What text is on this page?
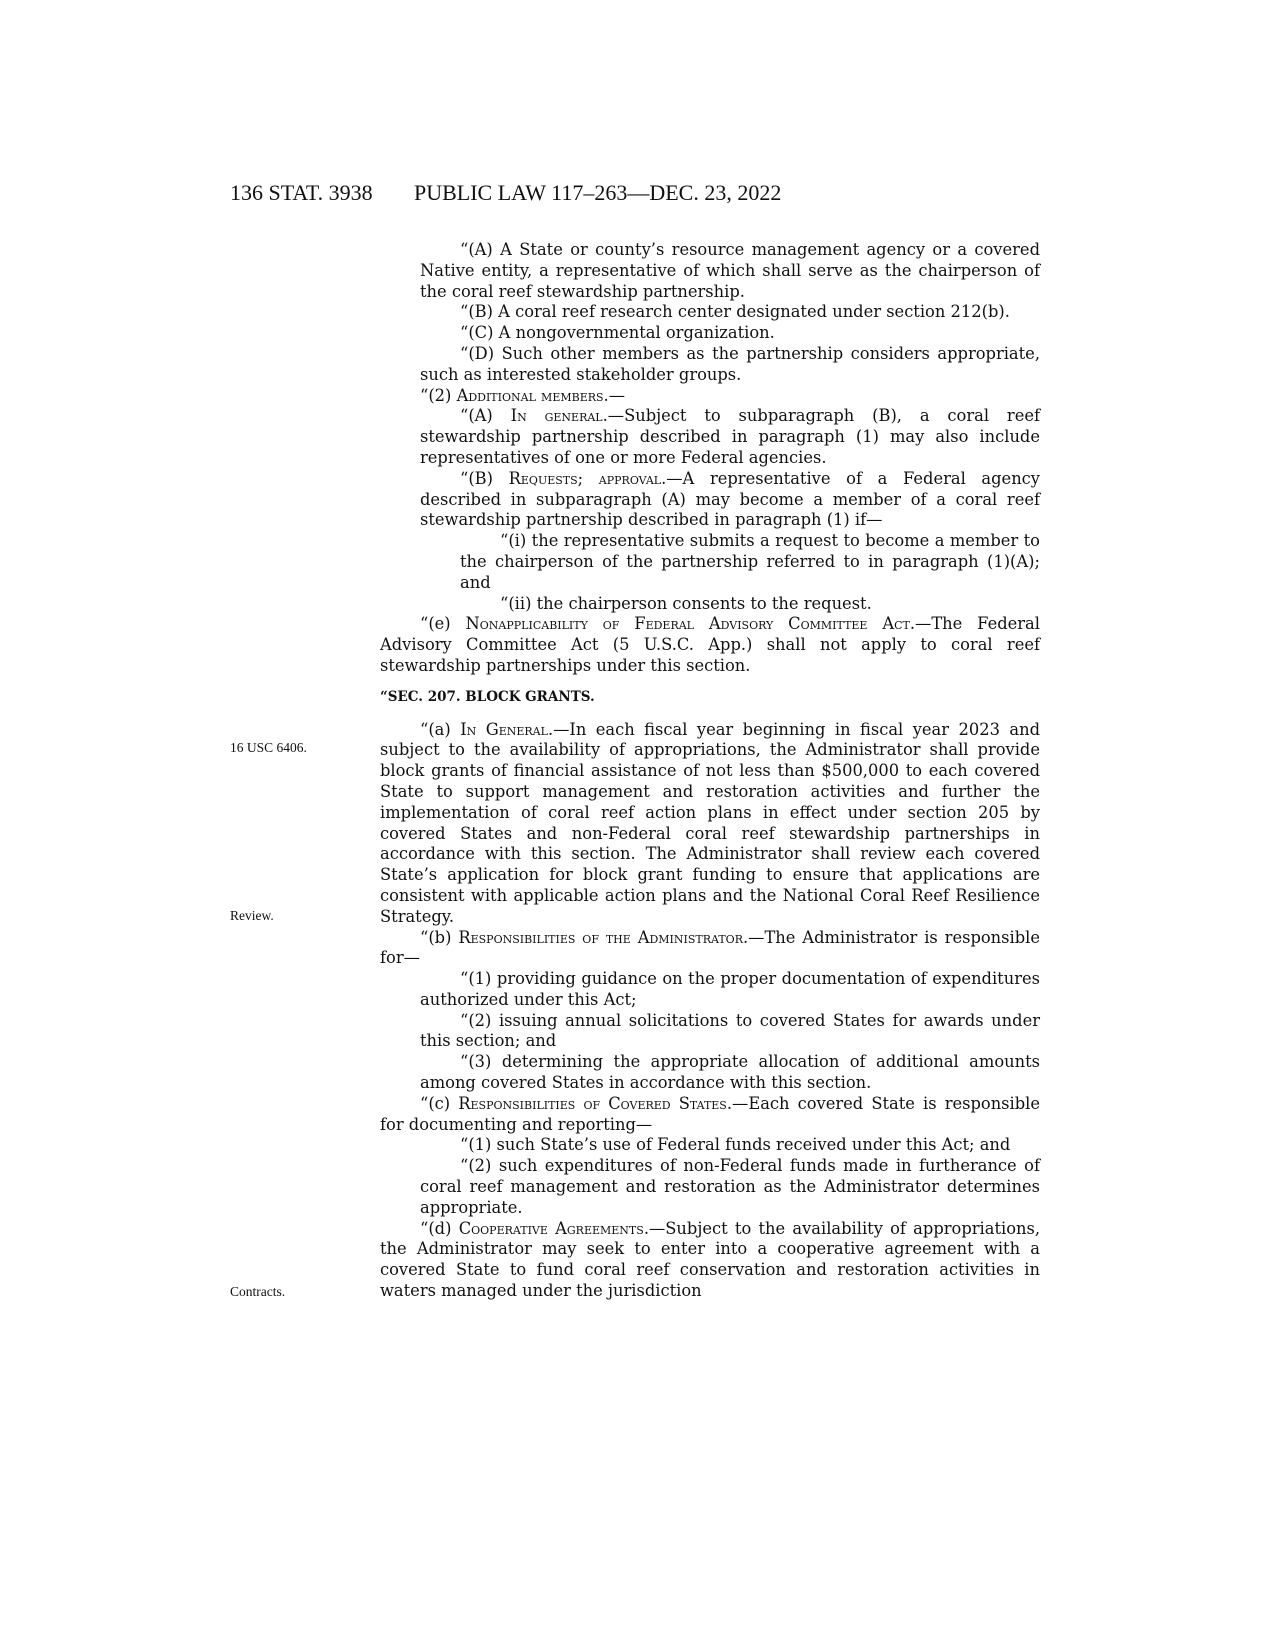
136 STAT. 3938 PUBLIC LAW 117–263—DEC. 23, 2022
16 USC 6406.
Review.
Contracts.

“(A) A State or county’s resource management agency or a covered Native entity, a representative of which shall serve as the chairperson of the coral reef stewardship partnership.

“(B) A coral reef research center designated under section 212(b).

“(C) A nongovernmental organization.

“(D) Such other members as the partnership considers appropriate, such as interested stakeholder groups.

“(2) Additional members.—

“(A) In general.—Subject to subparagraph (B), a coral reef stewardship partnership described in paragraph (1) may also include representatives of one or more Federal agencies.

“(B) Requests; approval.—A representative of a Federal agency described in subparagraph (A) may become a member of a coral reef stewardship partnership described in paragraph (1) if—

“(i) the representative submits a request to become a member to the chairperson of the partnership referred to in paragraph (1)(A); and

“(ii) the chairperson consents to the request.

“(e) Nonapplicability of Federal Advisory Committee Act.—The Federal Advisory Committee Act (5 U.S.C. App.) shall not apply to coral reef stewardship partnerships under this section.

“SEC. 207. BLOCK GRANTS.

“(a) In General.—In each fiscal year beginning in fiscal year 2023 and subject to the availability of appropriations, the Administrator shall provide block grants of financial assistance of not less than $500,000 to each covered State to support management and restoration activities and further the implementation of coral reef action plans in effect under section 205 by covered States and non-Federal coral reef stewardship partnerships in accordance with this section. The Administrator shall review each covered State’s application for block grant funding to ensure that applications are consistent with applicable action plans and the National Coral Reef Resilience Strategy.

“(b) Responsibilities of the Administrator.—The Administrator is responsible for—

“(1) providing guidance on the proper documentation of expenditures authorized under this Act;

“(2) issuing annual solicitations to covered States for awards under this section; and

“(3) determining the appropriate allocation of additional amounts among covered States in accordance with this section.

“(c) Responsibilities of Covered States.—Each covered State is responsible for documenting and reporting—

“(1) such State’s use of Federal funds received under this Act; and

“(2) such expenditures of non-Federal funds made in furtherance of coral reef management and restoration as the Administrator determines appropriate.

“(d) Cooperative Agreements.—Subject to the availability of appropriations, the Administrator may seek to enter into a cooperative agreement with a covered State to fund coral reef conservation and restoration activities in waters managed under the jurisdiction
